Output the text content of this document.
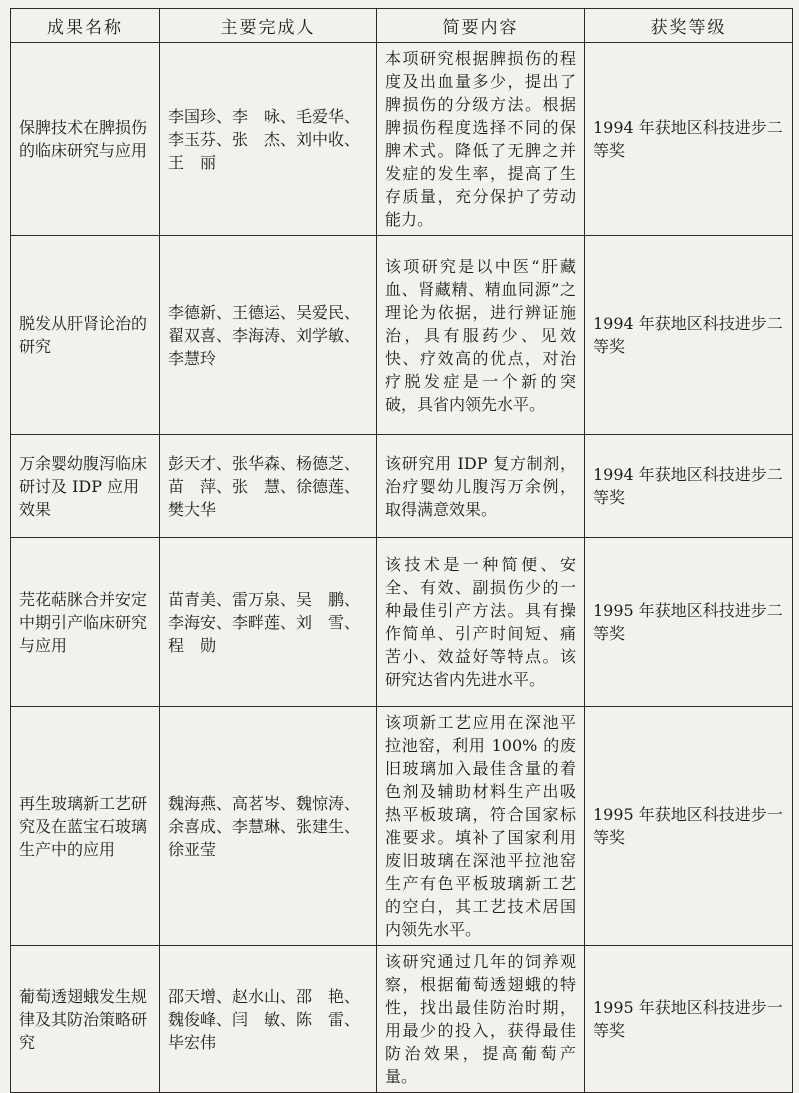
成果名称	主要完成人	简要内容	获奖等级
保脾技术在脾损伤的临床研究与应用	李国珍、李　咏、毛爱华、李玉芬、张　杰、刘中收、王　丽	本项研究根据脾损伤的程度及出血量多少，提出了脾损伤的分级方法。根据脾损伤程度选择不同的保脾术式。降低了无脾之并发症的发生率，提高了生存质量，充分保护了劳动能力。	1994 年获地区科技进步二等奖
脱发从肝肾论治的研究	李德新、王德运、吴爱民、翟双喜、李海涛、刘学敏、李慧玲	该项研究是以中医“肝藏血、肾藏精、精血同源”之理论为依据，进行辨证施治，具有服药少、见效快、疗效高的优点，对治疗脱发症是一个新的突破，具省内领先水平。	1994 年获地区科技进步二等奖
万余婴幼腹泻临床研讨及 IDP 应用效果	彭天才、张华森、杨德芝、苗　萍、张　慧、徐德莲、樊大华	该研究用 IDP 复方制剂，治疗婴幼儿腹泻万余例，取得满意效果。	1994 年获地区科技进步二等奖
芫花萜脒合并安定中期引产临床研究与应用	苗青美、雷万泉、吴　鹏、李海安、李畔莲、刘　雪、程　勋	该技术是一种简便、安全、有效、副损伤少的一种最佳引产方法。具有操作简单、引产时间短、痛苦小、效益好等特点。该研究达省内先进水平。	1995 年获地区科技进步二等奖
再生玻璃新工艺研究及在蓝宝石玻璃生产中的应用	魏海燕、高茗岑、魏惊涛、余喜成、李慧琳、张建生、徐亚莹	该项新工艺应用在深池平拉池窑，利用 100% 的废旧玻璃加入最佳含量的着色剂及辅助材料生产出吸热平板玻璃，符合国家标准要求。填补了国家利用废旧玻璃在深池平拉池窑生产有色平板玻璃新工艺的空白，其工艺技术居国内领先水平。	1995 年获地区科技进步一等奖
葡萄透翅蛾发生规律及其防治策略研究	邵天增、赵水山、邵　艳、魏俊峰、闫　敏、陈　雷、毕宏伟	该研究通过几年的饲养观察，根据葡萄透翅蛾的特性，找出最佳防治时期，用最少的投入，获得最佳防治效果，提高葡萄产量。	1995 年获地区科技进步一等奖
